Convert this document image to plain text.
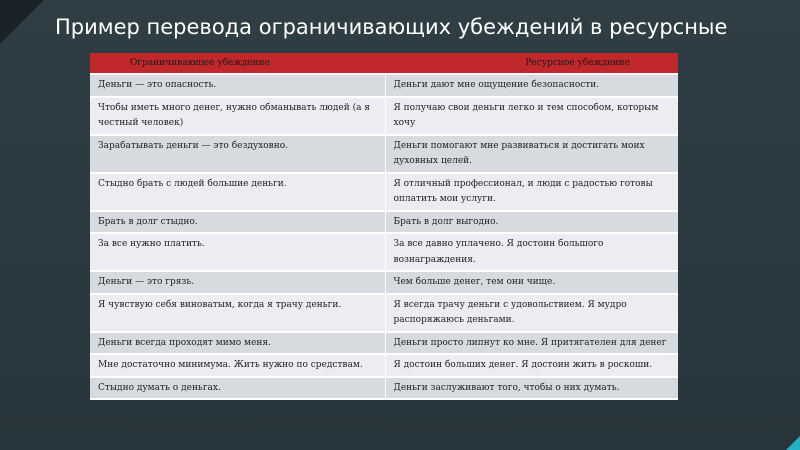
Пример перевода ограничивающих убеждений в ресурсные
Ограничивающее убеждение	Ресурсное убеждение
Деньги — это опасность.	Деньги дают мне ощущение безопасности.
Чтобы иметь много денег, нужно обманывать людей (а я честный человек)	Я получаю свои деньги легко и тем способом, которым хочу
Зарабатывать деньги — это бездуховно.	Деньги помогают мне развиваться и достигать моих духовных целей.
Стыдно брать с людей большие деньги.	Я отличный профессионал, и люди с радостью готовы оплатить мои услуги.
Брать в долг стыдно.	Брать в долг выгодно.
За все нужно платить.	За все давно уплачено. Я достоин большого вознаграждения.
Деньги — это грязь.	Чем больше денег, тем они чище.
Я чувствую себя виноватым, когда я трачу деньги.	Я всегда трачу деньги с удовольствием. Я мудро распоряжаюсь деньгами.
Деньги всегда проходят мимо меня.	Деньги просто липнут ко мне. Я притягателен для денег
Мне достаточно минимума. Жить нужно по средствам.	Я достоин больших денег. Я достоин жить в роскоши.
Стыдно думать о деньгах.	Деньги заслуживают того, чтобы о них думать.
